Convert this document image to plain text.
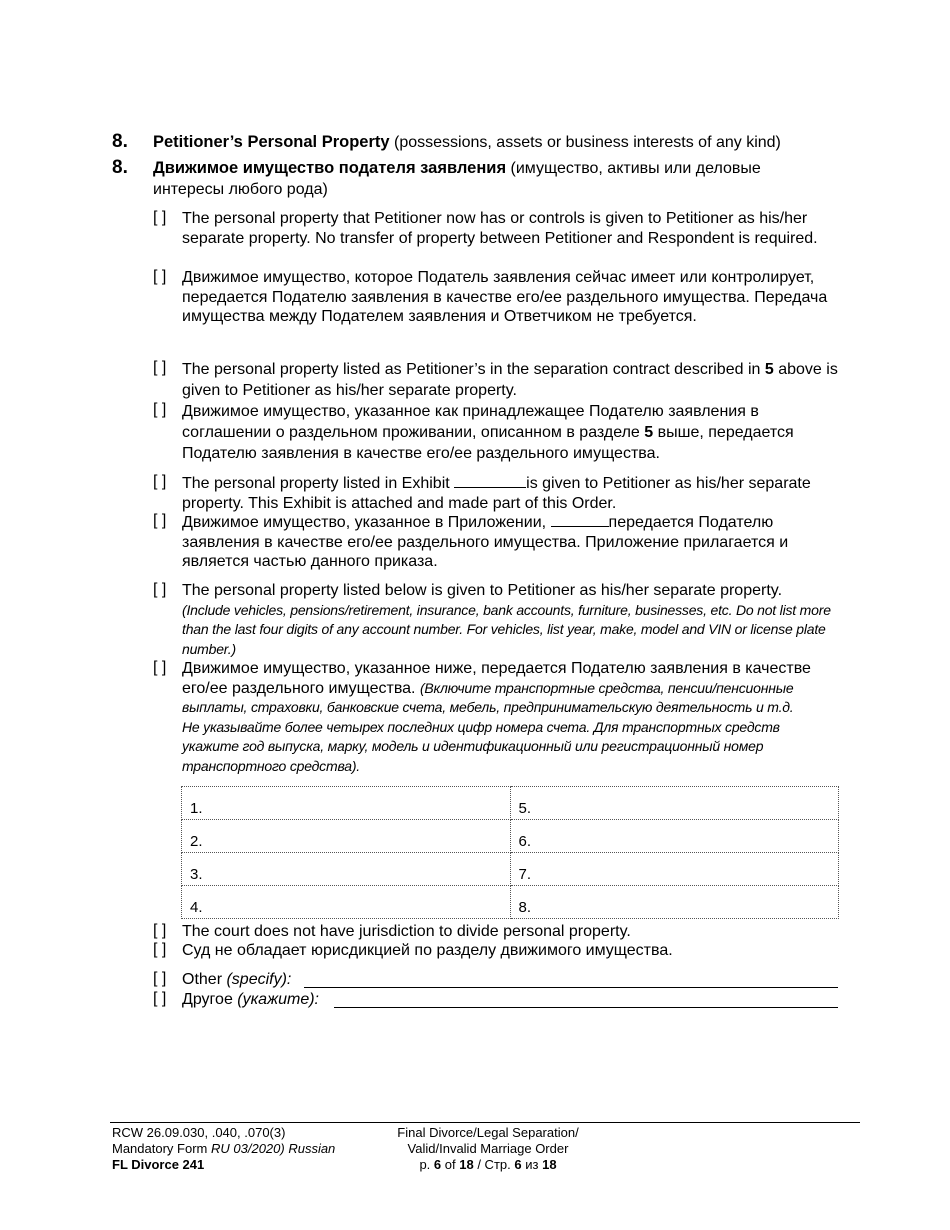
8. Petitioner’s Personal Property (possessions, assets or business interests of any kind)
8. Движимое имущество подателя заявления (имущество, активы или деловые интересы любого рода)
[ ] The personal property that Petitioner now has or controls is given to Petitioner as his/her separate property. No transfer of property between Petitioner and Respondent is required.
[ ] Движимое имущество, которое Податель заявления сейчас имеет или контролирует, передается Подателю заявления в качестве его/ее раздельного имущества. Передача имущества между Подателем заявления и Ответчиком не требуется.
[ ] The personal property listed as Petitioner’s in the separation contract described in 5 above is given to Petitioner as his/her separate property.
[ ] Движимое имущество, указанное как принадлежащее Подателю заявления в соглашении о раздельном проживании, описанном в разделе 5 выше, передается Подателю заявления в качестве его/ее раздельного имущества.
[ ] The personal property listed in Exhibit	is given to Petitioner as his/her separate property. This Exhibit is attached and made part of this Order.
[ ] Движимое имущество, указанное в Приложении,	передается Подателю заявления в качестве его/ее раздельного имущества. Приложение прилагается и является частью данного приказа.
[ ] The personal property listed below is given to Petitioner as his/her separate property.
(Include vehicles, pensions/retirement, insurance, bank accounts, furniture, businesses, etc. Do not list more than the last four digits of any account number. For vehicles, list year, make, model and VIN or license plate number.)
[ ] Движимое имущество, указанное ниже, передается Подателю заявления в качестве его/ее раздельного имущества. (Включите транспортные средства, пенсии/пенсионные выплаты, страховки, банковские счета, мебель, предпринимательскую деятельность и т.д. Не указывайте более четырех последних цифр номера счета. Для транспортных средств укажите год выпуска, марку, модель и идентификационный или регистрационный номер транспортного средства).
1.	5.
2.	6.
3.	7.
4.	8.
[ ] The court does not have jurisdiction to divide personal property.
[ ] Суд не обладает юрисдикцией по разделу движимого имущества.
[ ] Other (specify):
[ ] Другое (укажите):
RCW 26.09.030, .040, .070(3)
Mandatory Form RU 03/2020) Russian
FL Divorce 241
Final Divorce/Legal Separation/
Valid/Invalid Marriage Order
p. 6 of 18 / Стр. 6 из 18
